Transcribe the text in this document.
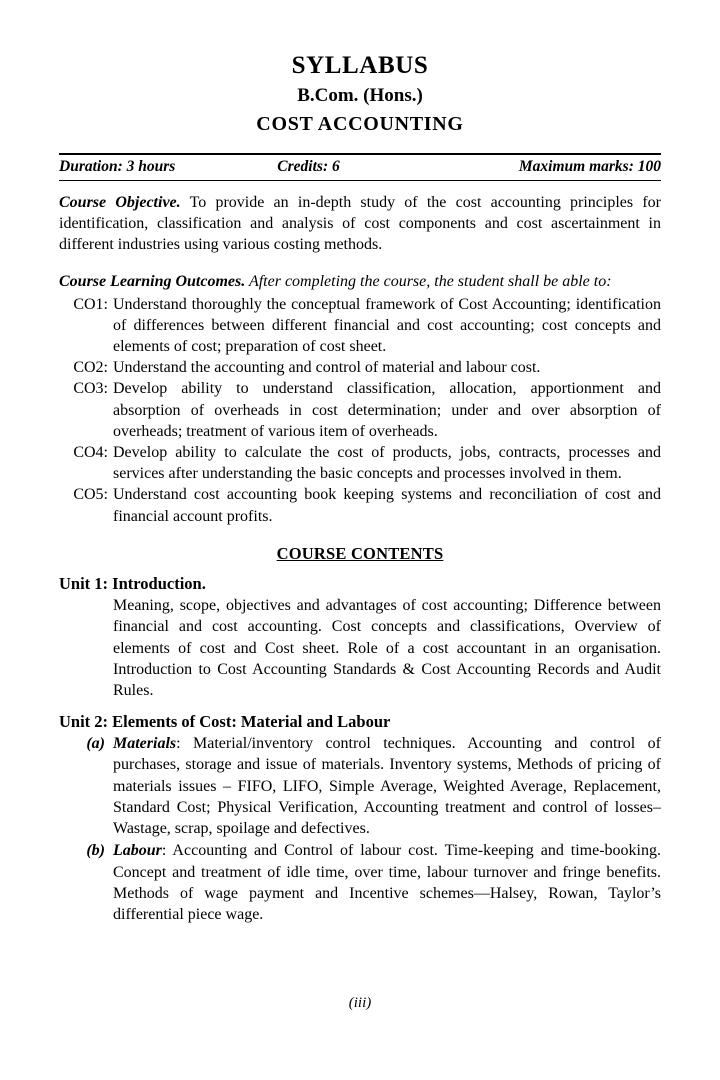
SYLLABUS
B.Com. (Hons.)
COST ACCOUNTING
Duration: 3 hours	Credits: 6	Maximum marks: 100

Course Objective. To provide an in-depth study of the cost accounting principles for identification, classification and analysis of cost components and cost ascertainment in different industries using various costing methods.

Course Learning Outcomes. After completing the course, the student shall be able to:
CO1: Understand thoroughly the conceptual framework of Cost Accounting; identification of differences between different financial and cost accounting; cost concepts and elements of cost; preparation of cost sheet.
CO2: Understand the accounting and control of material and labour cost.
CO3: Develop ability to understand classification, allocation, apportionment and absorption of overheads in cost determination; under and over absorption of overheads; treatment of various item of overheads.
CO4: Develop ability to calculate the cost of products, jobs, contracts, processes and services after understanding the basic concepts and processes involved in them.
CO5: Understand cost accounting book keeping systems and reconciliation of cost and financial account profits.
COURSE CONTENTS
Unit 1: Introduction.
Meaning, scope, objectives and advantages of cost accounting; Difference between financial and cost accounting. Cost concepts and classifications, Overview of elements of cost and Cost sheet. Role of a cost accountant in an organisation. Introduction to Cost Accounting Standards & Cost Accounting Records and Audit Rules.
Unit 2: Elements of Cost: Material and Labour
(a) Materials: Material/inventory control techniques. Accounting and control of purchases, storage and issue of materials. Inventory systems, Methods of pricing of materials issues – FIFO, LIFO, Simple Average, Weighted Average, Replacement, Standard Cost; Physical Verification, Accounting treatment and control of losses– Wastage, scrap, spoilage and defectives.
(b) Labour: Accounting and Control of labour cost. Time-keeping and time-booking. Concept and treatment of idle time, over time, labour turnover and fringe benefits. Methods of wage payment and Incentive schemes—Halsey, Rowan, Taylor’s differential piece wage.
(iii)
